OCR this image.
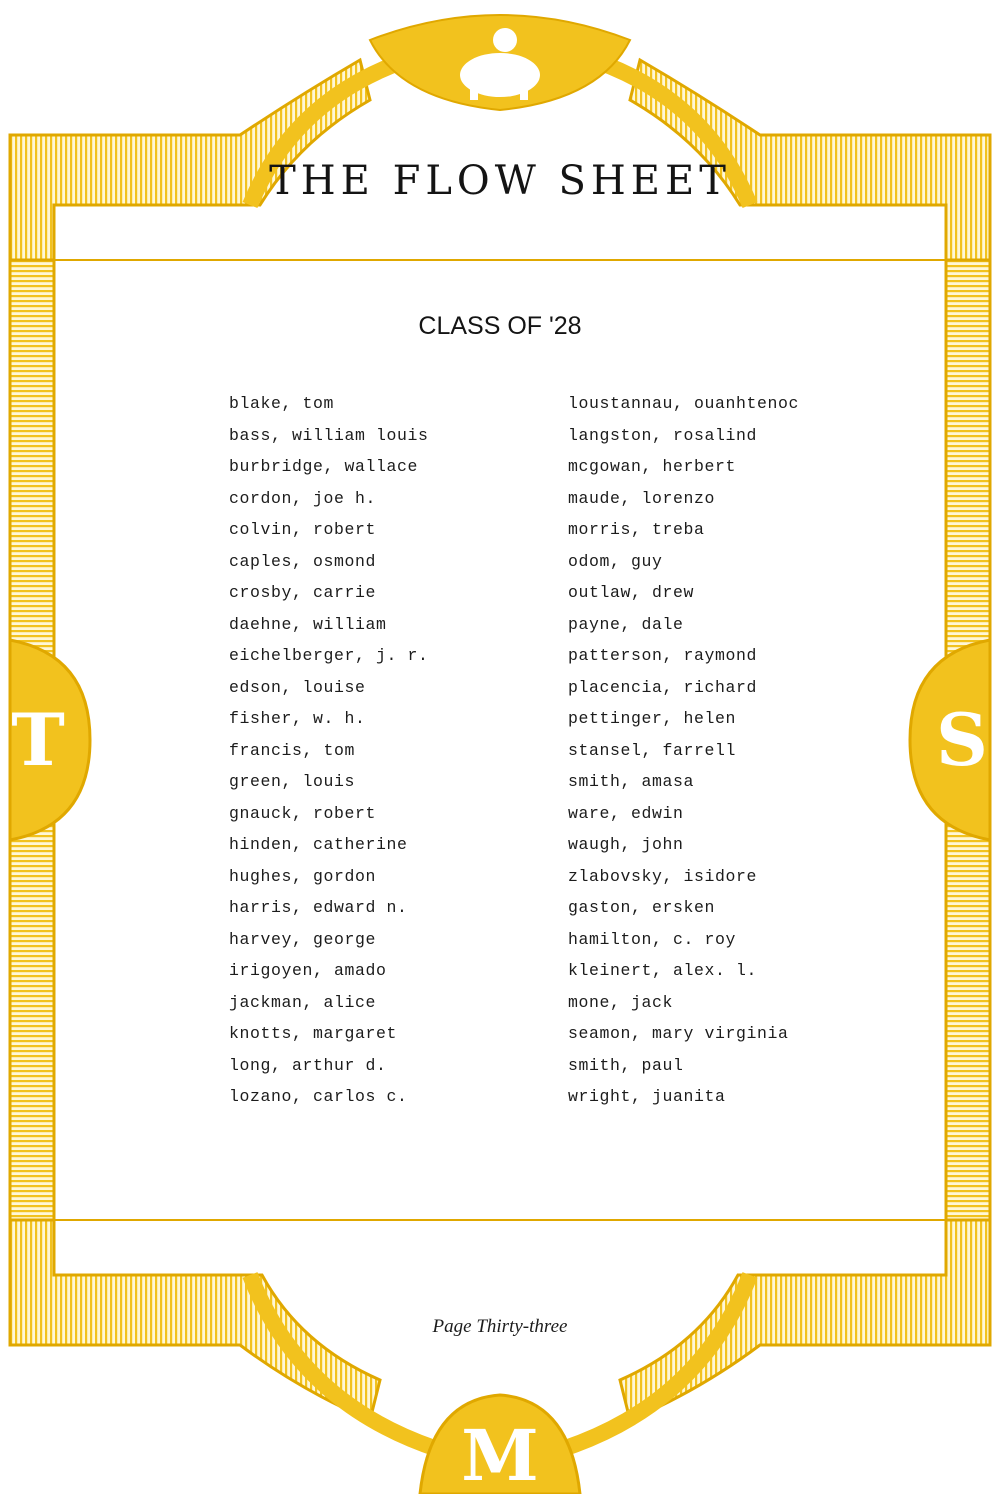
T	S
M
THE FLOW SHEET
CLASS OF '28
blake, tom
bass, william louis
burbridge, wallace
cordon, joe h.
colvin, robert
caples, osmond
crosby, carrie
daehne, william
eichelberger, j. r.
edson, louise
fisher, w. h.
francis, tom
green, louis
gnauck, robert
hinden, catherine
hughes, gordon
harris, edward n.
harvey, george
irigoyen, amado
jackman, alice
knotts, margaret
long, arthur d.
lozano, carlos c.
loustannau, ouanhtenoc
langston, rosalind
mcgowan, herbert
maude, lorenzo
morris, treba
odom, guy
outlaw, drew
payne, dale
patterson, raymond
placencia, richard
pettinger, helen
stansel, farrell
smith, amasa
ware, edwin
waugh, john
zlabovsky, isidore
gaston, ersken
hamilton, c. roy
kleinert, alex. l.
mone, jack
seamon, mary virginia
smith, paul
wright, juanita
Page Thirty-three
